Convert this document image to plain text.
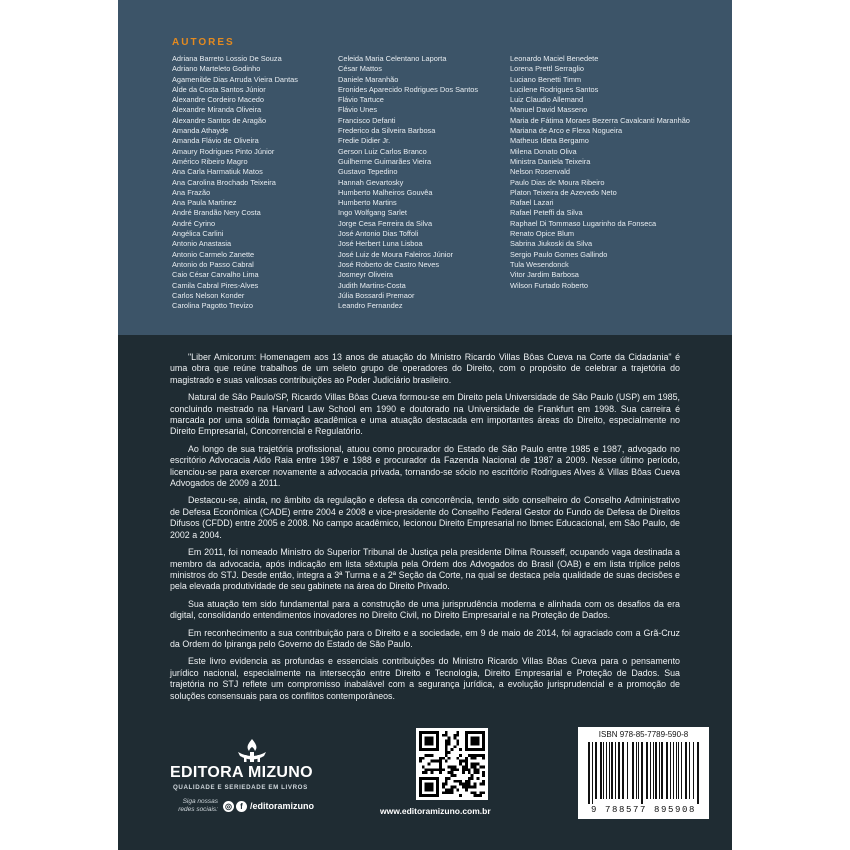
AUTORES
Adriana Barreto Lossio De Souza
Adriano Marteleto Godinho
Agamenilde Dias Arruda Vieira Dantas
Alde da Costa Santos Júnior
Alexandre Cordeiro Macedo
Alexandre Miranda Oliveira
Alexandre Santos de Aragão
Amanda Athayde
Amanda Flávio de Oliveira
Amaury Rodrigues Pinto Júnior
Américo Ribeiro Magro
Ana Carla Harmatiuk Matos
Ana Carolina Brochado Teixeira
Ana Frazão
Ana Paula Martinez
André Brandão Nery Costa
André Cyrino
Angélica Carlini
Antonio Anastasia
Antonio Carmelo Zanette
Antonio do Passo Cabral
Caio César Carvalho Lima
Camila Cabral Pires-Alves
Carlos Nelson Konder
Carolina Pagotto Trevizo
Celeida Maria Celentano Laporta
César Mattos
Daniele Maranhão
Eronides Aparecido Rodrigues Dos Santos
Flávio Tartuce
Flávio Unes
Francisco Defanti
Frederico da Silveira Barbosa
Fredie Didier Jr.
Gerson Luiz Carlos Branco
Guilherme Guimarães Vieira
Gustavo Tepedino
Hannah Gevartosky
Humberto Malheiros Gouvêa
Humberto Martins
Ingo Wolfgang Sarlet
Jorge Cesa Ferreira da Silva
José Antonio Dias Toffoli
José Herbert Luna Lisboa
José Luiz de Moura Faleiros Júnior
José Roberto de Castro Neves
Josmeyr Oliveira
Judith Martins-Costa
Júlia Bossardi Premaor
Leandro Fernandez
Leonardo Maciel Benedete
Lorena Prettl Serraglio
Luciano Benetti Timm
Lucilene Rodrigues Santos
Luiz Claudio Allemand
Manuel David Masseno
Maria de Fátima Moraes Bezerra Cavalcanti Maranhão
Mariana de Arco e Flexa Nogueira
Matheus Ideta Bergamo
Milena Donato Oliva
Ministra Daniela Teixeira
Nelson Rosenvald
Paulo Dias de Moura Ribeiro
Platon Teixeira de Azevedo Neto
Rafael Lazari
Rafael Peteffi da Silva
Raphael Di Tommaso Lugarinho da Fonseca
Renato Opice Blum
Sabrina Jiukoski da Silva
Sergio Paulo Gomes Gallindo
Tula Wesendonck
Vitor Jardim Barbosa
Wilson Furtado Roberto

"Liber Amicorum: Homenagem aos 13 anos de atuação do Ministro Ricardo Villas Bôas Cueva na Corte da Cidadania" é uma obra que reúne trabalhos de um seleto grupo de operadores do Direito, com o propósito de celebrar a trajetória do magistrado e suas valiosas contribuições ao Poder Judiciário brasileiro.

Natural de São Paulo/SP, Ricardo Villas Bôas Cueva formou-se em Direito pela Universidade de São Paulo (USP) em 1985, concluindo mestrado na Harvard Law School em 1990 e doutorado na Universidade de Frankfurt em 1998. Sua carreira é marcada por uma sólida formação acadêmica e uma atuação destacada em importantes áreas do Direito, especialmente no Direito Empresarial, Concorrencial e Regulatório.

Ao longo de sua trajetória profissional, atuou como procurador do Estado de São Paulo entre 1985 e 1987, advogado no escritório Advocacia Aldo Raia entre 1987 e 1988 e procurador da Fazenda Nacional de 1987 a 2009. Nesse último período, licenciou-se para exercer novamente a advocacia privada, tornando-se sócio no escritório Rodrigues Alves & Villas Bôas Cueva Advogados de 2009 a 2011.

Destacou-se, ainda, no âmbito da regulação e defesa da concorrência, tendo sido conselheiro do Conselho Administrativo de Defesa Econômica (CADE) entre 2004 e 2008 e vice-presidente do Conselho Federal Gestor do Fundo de Defesa de Direitos Difusos (CFDD) entre 2005 e 2008. No campo acadêmico, lecionou Direito Empresarial no Ibmec Educacional, em São Paulo, de 2002 a 2004.

Em 2011, foi nomeado Ministro do Superior Tribunal de Justiça pela presidente Dilma Rousseff, ocupando vaga destinada a membro da advocacia, após indicação em lista sêxtupla pela Ordem dos Advogados do Brasil (OAB) e em lista tríplice pelos ministros do STJ. Desde então, integra a 3ª Turma e a 2ª Seção da Corte, na qual se destaca pela qualidade de suas decisões e pela elevada produtividade de seu gabinete na área do Direito Privado.

Sua atuação tem sido fundamental para a construção de uma jurisprudência moderna e alinhada com os desafios da era digital, consolidando entendimentos inovadores no Direito Civil, no Direito Empresarial e na Proteção de Dados.

Em reconhecimento a sua contribuição para o Direito e a sociedade, em 9 de maio de 2014, foi agraciado com a Grã-Cruz da Ordem do Ipiranga pelo Governo do Estado de São Paulo.

Este livro evidencia as profundas e essenciais contribuições do Ministro Ricardo Villas Bôas Cueva para o pensamento jurídico nacional, especialmente na intersecção entre Direito e Tecnologia, Direito Empresarial e Proteção de Dados. Sua trajetória no STJ reflete um compromisso inabalável com a segurança jurídica, a evolução jurisprudencial e a promoção de soluções consensuais para os conflitos contemporâneos.

EDITORA MIZUNO
QUALIDADE E SERIEDADE EM LIVROS
Siga nossas redes sociais: ◎	f /editoramizuno	www.editoramizuno.com.br
ISBN 978-85-7789-590-8
9 788577 895908
